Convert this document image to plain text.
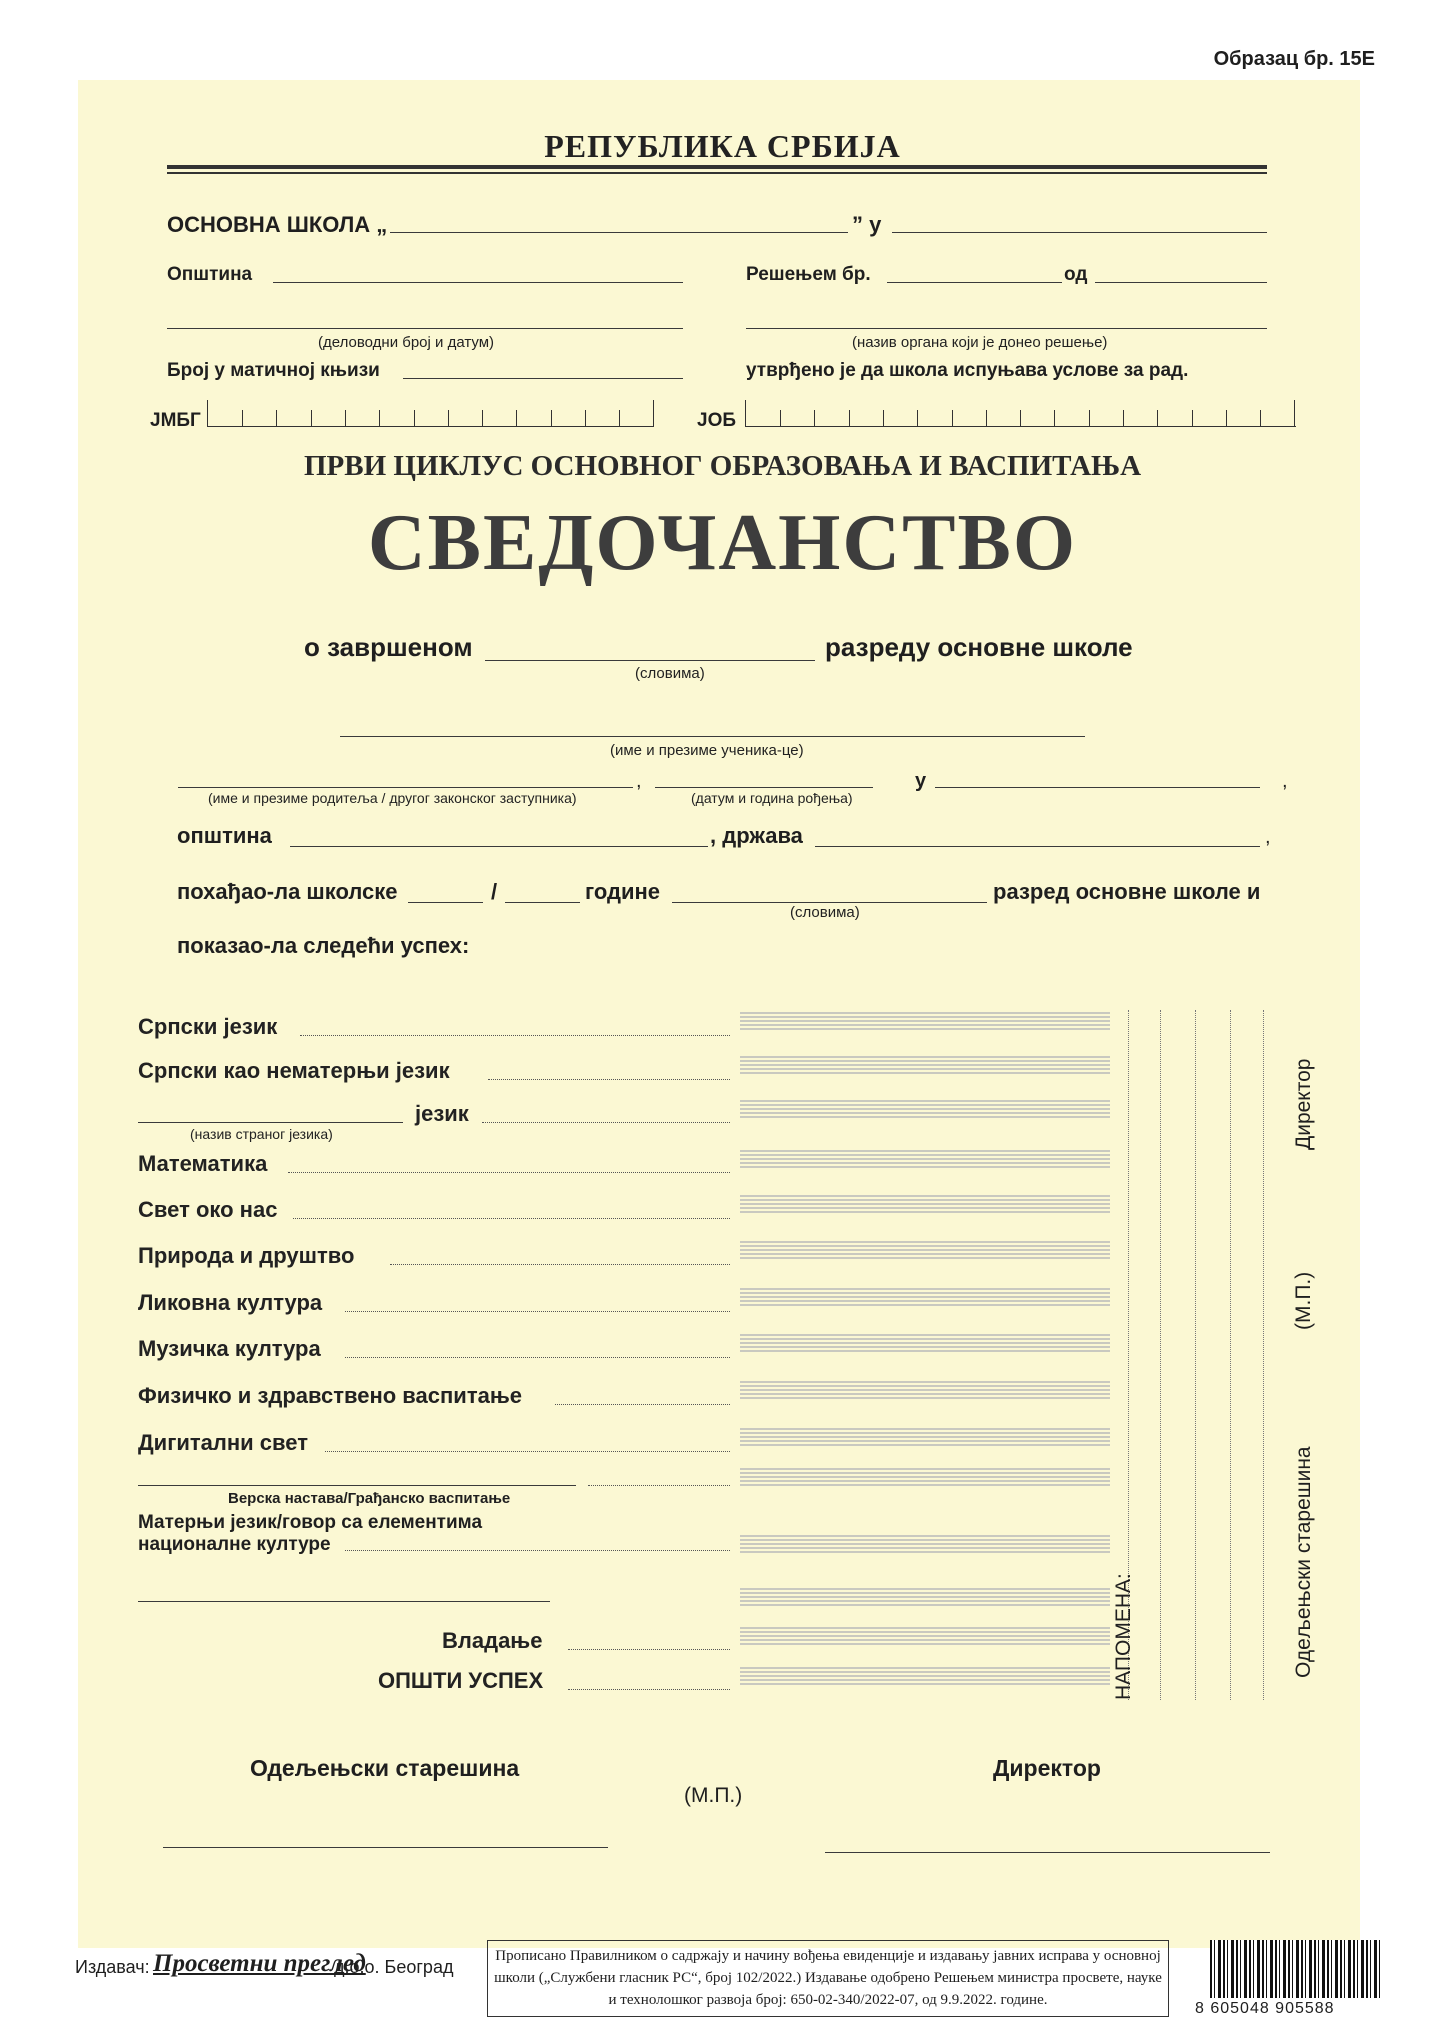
Образац бр. 15Е
РЕПУБЛИКА СРБИЈА
ОСНОВНА ШКОЛА „	” у
Општина	Решењем бр.	од
(деловодни број и датум)	(назив органа који је донео решење)
Број у матичној књизи	утврђено је да школа испуњава услове за рад.
ЈМБГ	ЈОБ
ПРВИ ЦИКЛУС ОСНОВНОГ ОБРАЗОВАЊА И ВАСПИТАЊА
СВЕДОЧАНСТВО
о завршеном	разреду основне школе
(словима)
(име и презиме ученика-це)
,	у	,
(име и презиме родитеља / другог законског заступника)	(датум и година рођења)
општина	, држава	,
похађао-ла школске	/	године	разред основне школе и
(словима)
показао-ла следећи успех:
Српски језик
Српски као нематерњи језик
језик
(назив страног језика)
Математика
Свет око нас
Природа и друштво
Ликовна култура
Музичка култура
Физичко и здравствено васпитање
Дигитални свет
Верска настава/Грађанско васпитање
Матерњи језик/говор са елементима
националне културе
Владање
ОПШТИ УСПЕХ	НАПОМЕНА:	Одељењски старешина
(М.П.)
Директор
Одељењски старешина
(М.П.)
Директор
Издавач: Просветни преглед
д.о.о. Београд
Прописано Правилником о садржају и начину вођења евиденције и издавању јавних исправа у основној школи („Службени гласник РС“, број 102/2022.) Издавање одобрено Решењем министра просвете, науке и технолошког развоја број: 650-02-340/2022-07, од 9.9.2022. године.	8 605048 905588
